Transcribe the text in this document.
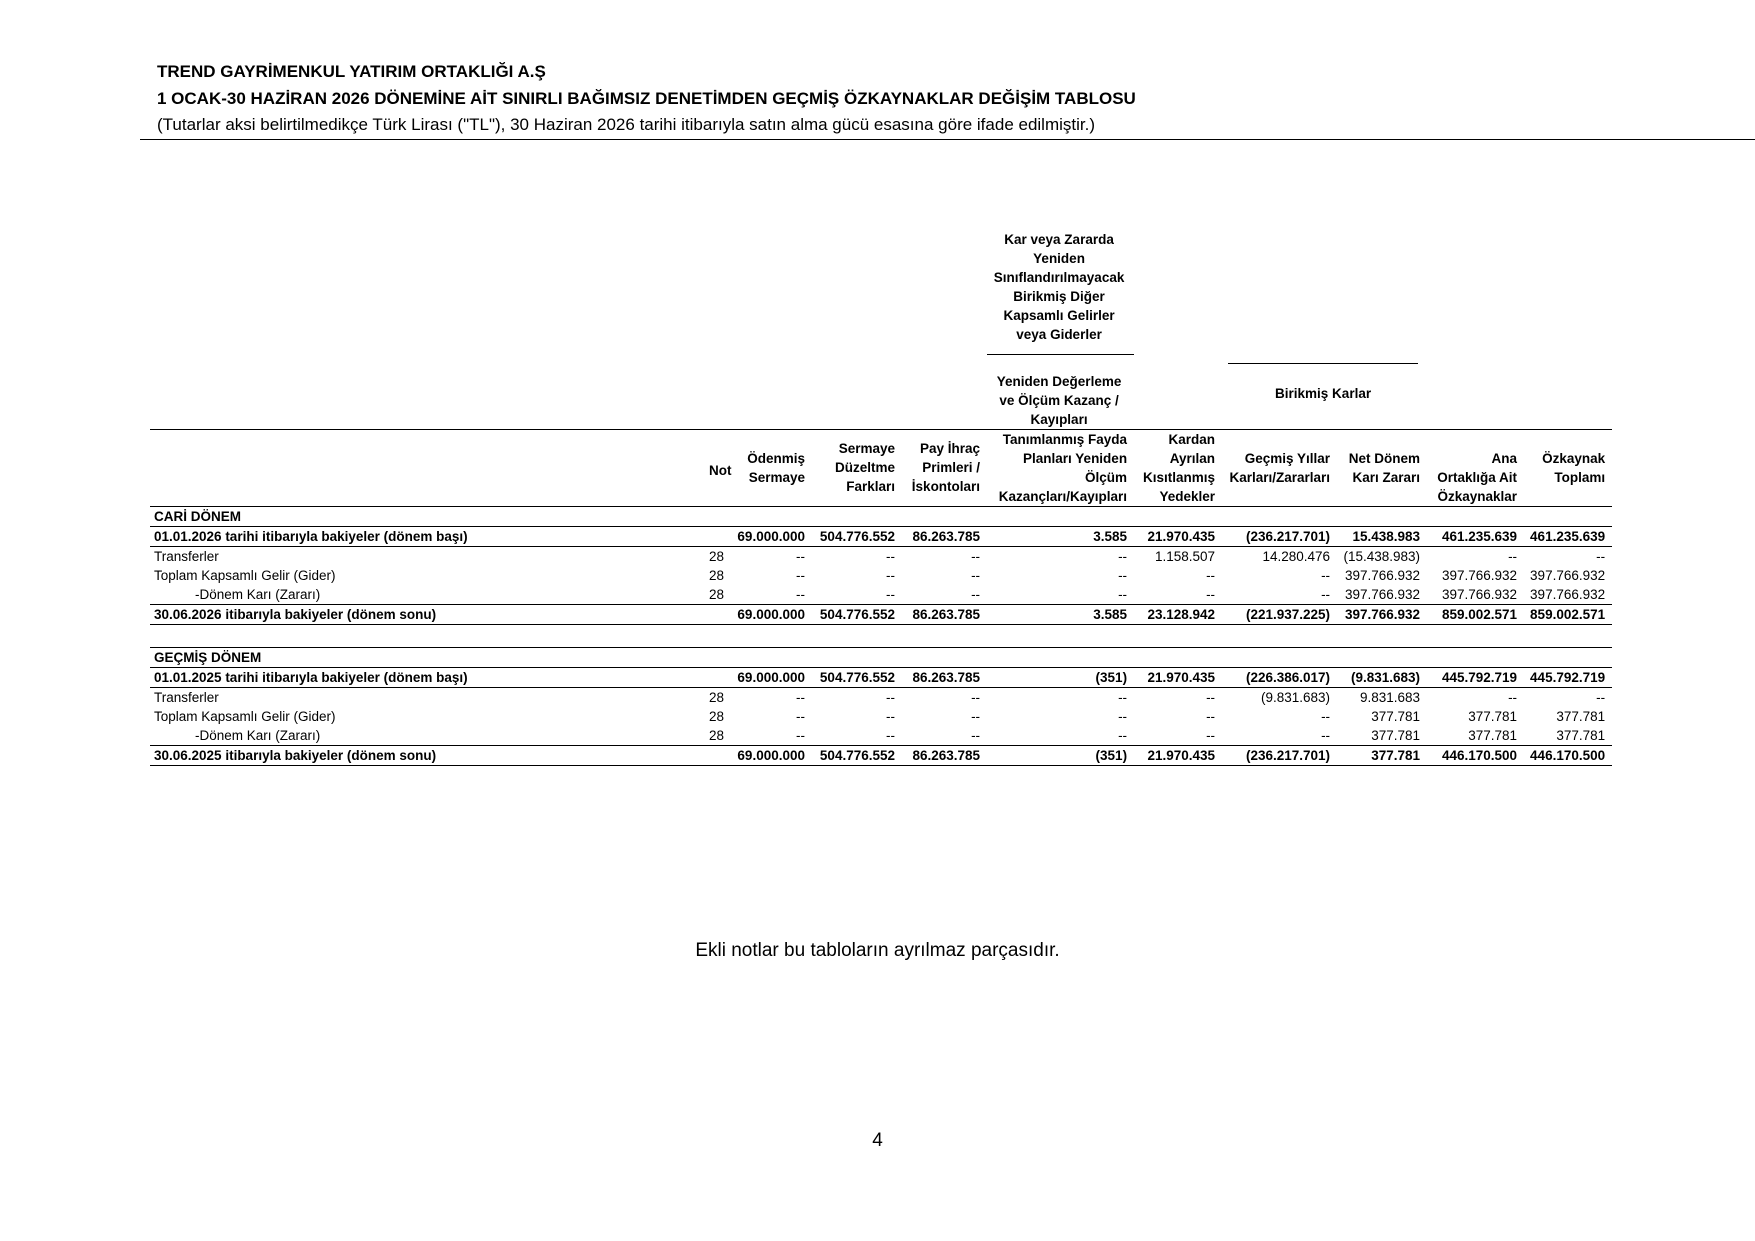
TREND GAYRİMENKUL YATIRIM ORTAKLIĞI A.Ş
1 OCAK-30 HAZİRAN 2026 DÖNEMİNE AİT SINIRLI BAĞIMSIZ DENETİMDEN GEÇMİŞ ÖZKAYNAKLAR DEĞİŞİM TABLOSU
(Tutarlar aksi belirtilmedikçe Türk Lirası ("TL"), 30 Haziran 2026 tarihi itibarıyla satın alma gücü esasına göre ifade edilmiştir.)
					Kar veya Zararda Yeniden Sınıflandırılmayacak Birikmiş Diğer Kapsamlı Gelirler veya Giderler					
					Yeniden Değerleme ve Ölçüm Kazanç / Kayıpları		Birikmiş Karlar			

	Not	Ödenmiş Sermaye	Sermaye Düzeltme Farkları	Pay İhraç Primleri / İskontoları	Tanımlanmış Fayda Planları Yeniden Ölçüm Kazançları/Kayıpları	Kardan Ayrılan Kısıtlanmış Yedekler	Geçmiş Yıllar Karları/Zararları	Net Dönem Karı Zararı	Ana Ortaklığa Ait Özkaynaklar	Özkaynak Toplamı
CARİ DÖNEM										
01.01.2026 tarihi itibarıyla bakiyeler (dönem başı)		69.000.000	504.776.552	86.263.785	3.585	21.970.435	(236.217.701)	15.438.983	461.235.639	461.235.639
Transferler	28	--	--	--	--	1.158.507	14.280.476	(15.438.983)	--	--
Toplam Kapsamlı Gelir (Gider)	28	--	--	--	--	--	--	397.766.932	397.766.932	397.766.932
-Dönem Karı (Zararı)	28	--	--	--	--	--	--	397.766.932	397.766.932	397.766.932
30.06.2026 itibarıyla bakiyeler (dönem sonu)		69.000.000	504.776.552	86.263.785	3.585	23.128.942	(221.937.225)	397.766.932	859.002.571	859.002.571

GEÇMİŞ DÖNEM										
01.01.2025 tarihi itibarıyla bakiyeler (dönem başı)		69.000.000	504.776.552	86.263.785	(351)	21.970.435	(226.386.017)	(9.831.683)	445.792.719	445.792.719
Transferler	28	--	--	--	--	--	(9.831.683)	9.831.683	--	--
Toplam Kapsamlı Gelir (Gider)	28	--	--	--	--	--	--	377.781	377.781	377.781
-Dönem Karı (Zararı)	28	--	--	--	--	--	--	377.781	377.781	377.781
30.06.2025 itibarıyla bakiyeler (dönem sonu)		69.000.000	504.776.552	86.263.785	(351)	21.970.435	(236.217.701)	377.781	446.170.500	446.170.500
Ekli notlar bu tabloların ayrılmaz parçasıdır.
4
